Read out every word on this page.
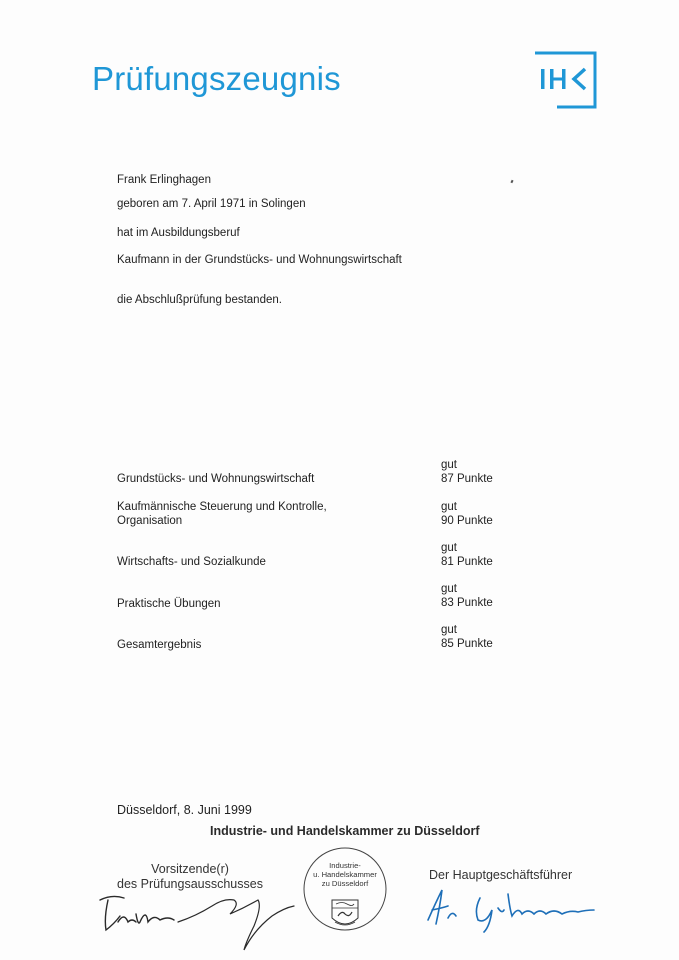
Prüfungszeugnis
Frank Erlinghagen
geboren am 7. April 1971 in Solingen
hat im Ausbildungsberuf
Kaufmann in der Grundstücks- und Wohnungswirtschaft
die Abschlußprüfung bestanden.
Grundstücks- und Wohnungswirtschaft
gut
87 Punkte
Kaufmännische Steuerung und Kontrolle,
Organisation
gut
90 Punkte
Wirtschafts- und Sozialkunde
gut
81 Punkte
Praktische Übungen
gut
83 Punkte
Gesamtergebnis
gut
85 Punkte
Düsseldorf, 8. Juni 1999
Industrie- und Handelskammer zu Düsseldorf
Vorsitzende(r)
des Prüfungsausschusses
Industrie-
u. Handelskammer
zu Düsseldorf
Der Hauptgeschäftsführer
